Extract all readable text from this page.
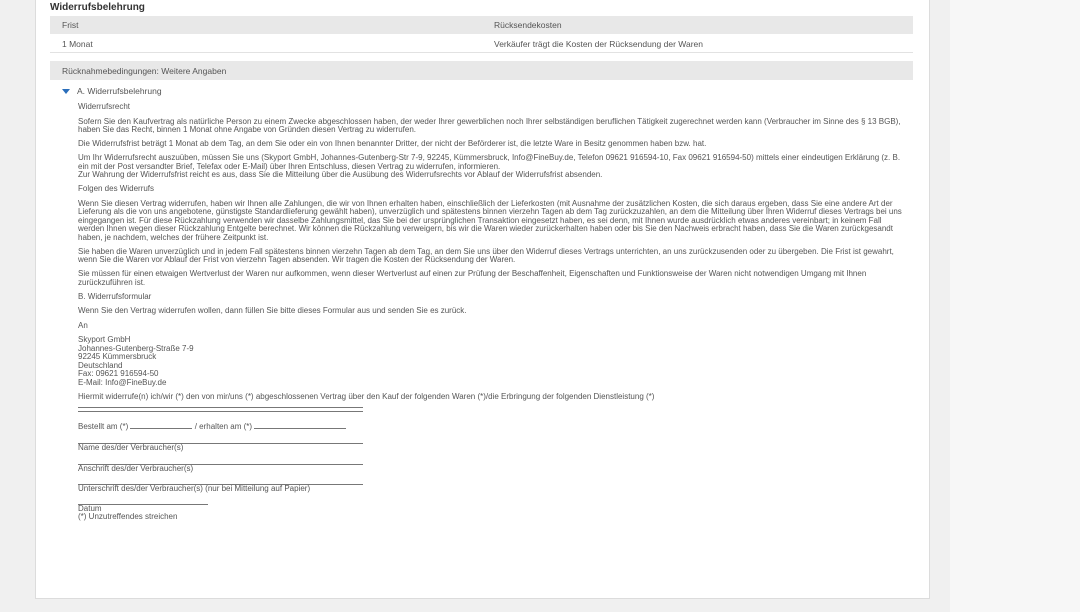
Widerrufsbelehrung
Frist	Rücksendekosten
1 Monat	Verkäufer trägt die Kosten der Rücksendung der Waren
Rücknahmebedingungen: Weitere Angaben
A. Widerrufsbelehrung

Widerrufsrecht

Sofern Sie den Kaufvertrag als natürliche Person zu einem Zwecke abgeschlossen haben, der weder Ihrer gewerblichen noch Ihrer selbständigen beruflichen Tätigkeit zugerechnet werden kann (Verbraucher im Sinne des § 13 BGB), haben Sie das Recht, binnen 1 Monat ohne Angabe von Gründen diesen Vertrag zu widerrufen.

Die Widerrufsfrist beträgt 1 Monat ab dem Tag, an dem Sie oder ein von Ihnen benannter Dritter, der nicht der Beförderer ist, die letzte Ware in Besitz genommen haben bzw. hat.

Um Ihr Widerrufsrecht auszuüben, müssen Sie uns (Skyport GmbH, Johannes-Gutenberg-Str 7-9, 92245, Kümmersbruck, Info@FineBuy.de, Telefon 09621 916594-10, Fax 09621 916594-50) mittels einer eindeutigen Erklärung (z. B. ein mit der Post versandter Brief, Telefax oder E-Mail) über Ihren Entschluss, diesen Vertrag zu widerrufen, informieren.

Zur Wahrung der Widerrufsfrist reicht es aus, dass Sie die Mitteilung über die Ausübung des Widerrufsrechts vor Ablauf der Widerrufsfrist absenden.

Folgen des Widerrufs

Wenn Sie diesen Vertrag widerrufen, haben wir Ihnen alle Zahlungen, die wir von Ihnen erhalten haben, einschließlich der Lieferkosten (mit Ausnahme der zusätzlichen Kosten, die sich daraus ergeben, dass Sie eine andere Art der Lieferung als die von uns angebotene, günstigste Standardlieferung gewählt haben), unverzüglich und spätestens binnen vierzehn Tagen ab dem Tag zurückzuzahlen, an dem die Mitteilung über Ihren Widerruf dieses Vertrags bei uns eingegangen ist. Für diese Rückzahlung verwenden wir dasselbe Zahlungsmittel, das Sie bei der ursprünglichen Transaktion eingesetzt haben, es sei denn, mit Ihnen wurde ausdrücklich etwas anderes vereinbart; in keinem Fall werden Ihnen wegen dieser Rückzahlung Entgelte berechnet. Wir können die Rückzahlung verweigern, bis wir die Waren wieder zurückerhalten haben oder bis Sie den Nachweis erbracht haben, dass Sie die Waren zurückgesandt haben, je nachdem, welches der frühere Zeitpunkt ist.

Sie haben die Waren unverzüglich und in jedem Fall spätestens binnen vierzehn Tagen ab dem Tag, an dem Sie uns über den Widerruf dieses Vertrags unterrichten, an uns zurückzusenden oder zu übergeben. Die Frist ist gewahrt, wenn Sie die Waren vor Ablauf der Frist von vierzehn Tagen absenden. Wir tragen die Kosten der Rücksendung der Waren.

Sie müssen für einen etwaigen Wertverlust der Waren nur aufkommen, wenn dieser Wertverlust auf einen zur Prüfung der Beschaffenheit, Eigenschaften und Funktionsweise der Waren nicht notwendigen Umgang mit Ihnen zurückzuführen ist.

B. Widerrufsformular

Wenn Sie den Vertrag widerrufen wollen, dann füllen Sie bitte dieses Formular aus und senden Sie es zurück.

An

Skyport GmbH
Johannes-Gutenberg-Straße 7-9
92245 Kümmersbruck
Deutschland
Fax: 09621 916594-50
E-Mail: Info@FineBuy.de

Hiermit widerrufe(n) ich/wir (*) den von mir/uns (*) abgeschlossenen Vertrag über den Kauf der folgenden Waren (*)/die Erbringung der folgenden Dienstleistung (*)

Bestellt am (*)	/ erhalten am (*)
Name des/der Verbraucher(s)
Anschrift des/der Verbraucher(s)
Unterschrift des/der Verbraucher(s) (nur bei Mitteilung auf Papier)
Datum
(*) Unzutreffendes streichen
